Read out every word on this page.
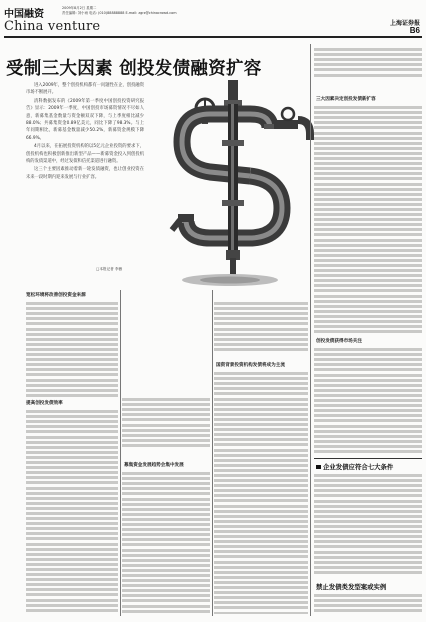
中国融资
2009年8月2日 星期二
责任编辑: 刘小雨 电话: (010)88888888 E-mail: zgrz@chinacrowd.com
China venture	上海证券报
B6
受制三大因素 创投发债融资扩容

进入2009年，整个创投机构都有一问题性在企，创投融资市场不断展开。

清科数据发布的《2009年第一季度中国创投投资研究报告》显示：2009年一季度，中国创投市场募资情况不尽如人意，新募集基金数量与资金额双双下降，与上季度相比减少88.0%；共募集资金0.89亿美元，同比下降了98.3%。与上年同期相比，新募基金数量减少50.2%，新募资金规模下降66.9%。

4月以来，在拓展投资机构的以5亿元企业投资的要求下，创投机构也积极创新推出新型产品——新募资金投入到创投机构的发债渠道中，经过发债和信托渠道进行融资。

这三个主要因素推动着新一轮发债融资，也让创业投资在未来一段时期内迎来发展与行业扩容。

□本报记者 李薇
宽松环境将改善创投资金来源
提高创投发债效率
募集资金发展趋势会集中发展
国资背景投资机构发债将成为主流
三大因素决定创投发债新扩容
创投发债获得市场关注
企业发债应符合七大条件
禁止发债类发型案或实例
